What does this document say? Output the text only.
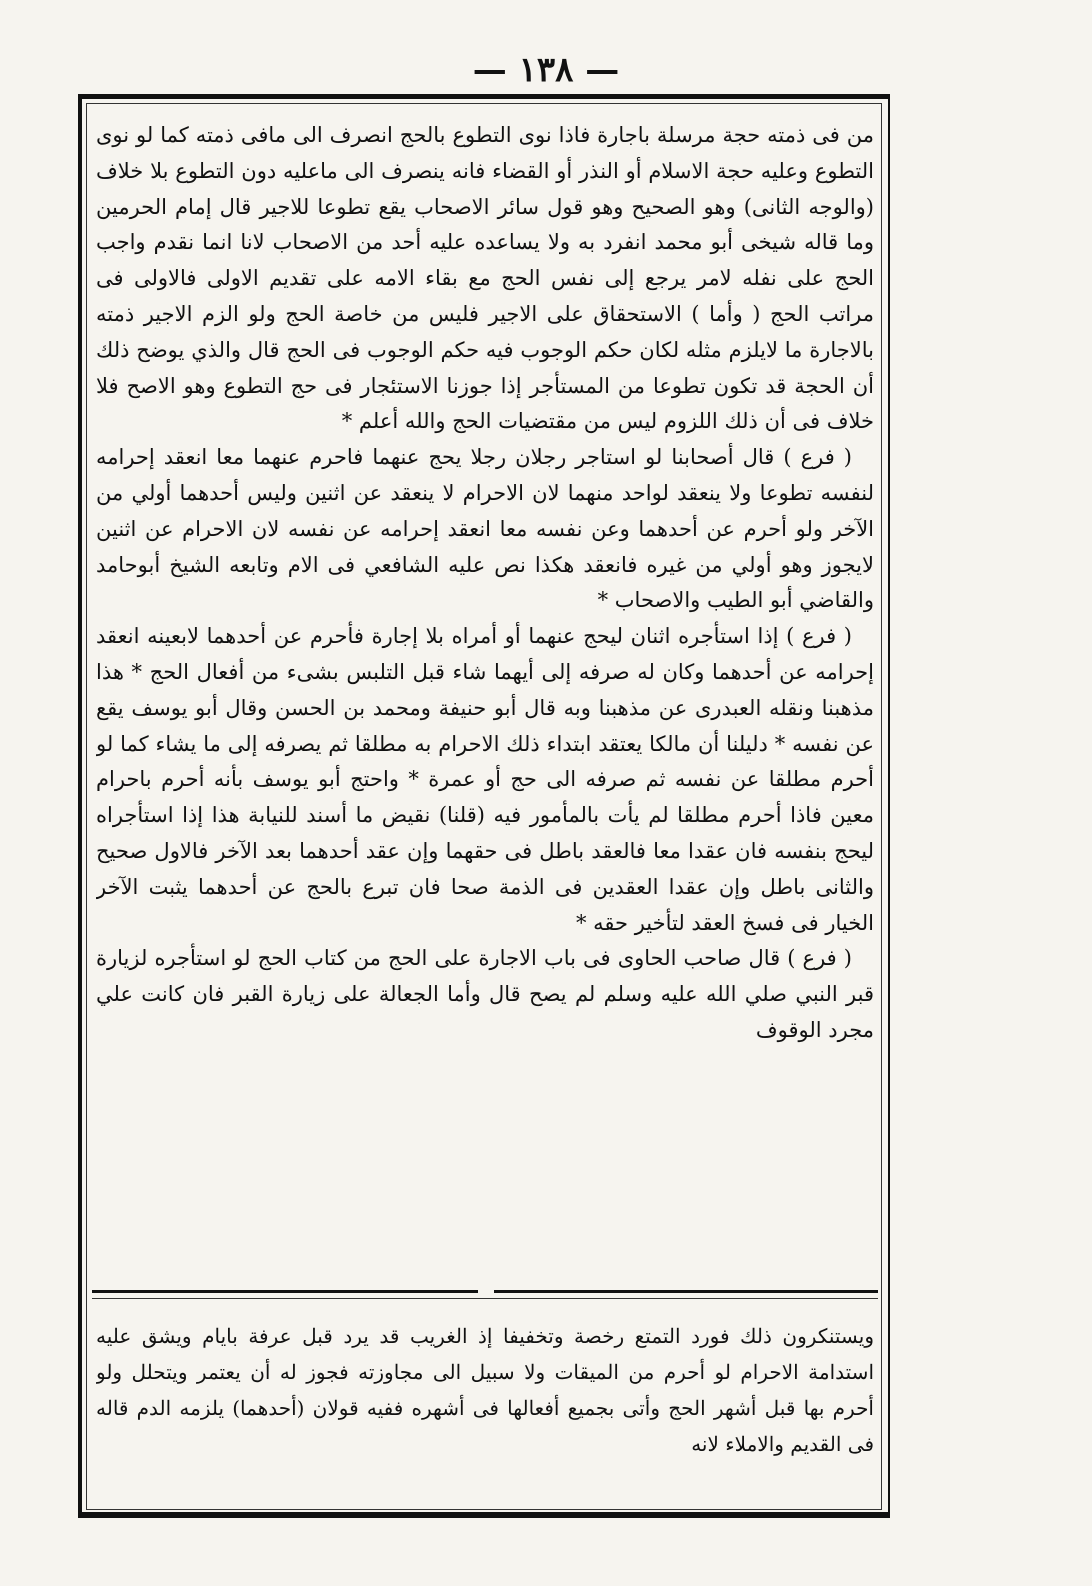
— ١٣٨ —

من فى ذمته حجة مرسلة باجارة فاذا نوى التطوع بالحج انصرف الى مافى ذمته كما لو نوى التطوع وعليه حجة الاسلام أو النذر أو القضاء فانه ينصرف الى ماعليه دون التطوع بلا خلاف (والوجه الثانى) وهو الصحيح وهو قول سائر الاصحاب يقع تطوعا للاجير قال إمام الحرمين وما قاله شيخى أبو محمد انفرد به ولا يساعده عليه أحد من الاصحاب لانا انما نقدم واجب الحج على نفله لامر يرجع إلى نفس الحج مع بقاء الامه على تقديم الاولى فالاولى فى مراتب الحج ( وأما ) الاستحقاق على الاجير فليس من خاصة الحج ولو الزم الاجير ذمته بالاجارة ما لايلزم مثله لكان حكم الوجوب فيه حكم الوجوب فى الحج قال والذي يوضح ذلك أن الحجة قد تكون تطوعا من المستأجر إذا جوزنا الاستئجار فى حج التطوع وهو الاصح فلا خلاف فى أن ذلك اللزوم ليس من مقتضيات الحج والله أعلم *

( فرع ) قال أصحابنا لو استاجر رجلان رجلا يحج عنهما فاحرم عنهما معا انعقد إحرامه لنفسه تطوعا ولا ينعقد لواحد منهما لان الاحرام لا ينعقد عن اثنين وليس أحدهما أولي من الآخر ولو أحرم عن أحدهما وعن نفسه معا انعقد إحرامه عن نفسه لان الاحرام عن اثنين لايجوز وهو أولي من غيره فانعقد هكذا نص عليه الشافعي فى الام وتابعه الشيخ أبوحامد والقاضي أبو الطيب والاصحاب *

( فرع ) إذا استأجره اثنان ليحج عنهما أو أمراه بلا إجارة فأحرم عن أحدهما لابعينه انعقد إحرامه عن أحدهما وكان له صرفه إلى أيهما شاء قبل التلبس بشىء من أفعال الحج * هذا مذهبنا ونقله العبدرى عن مذهبنا وبه قال أبو حنيفة ومحمد بن الحسن وقال أبو يوسف يقع عن نفسه * دليلنا أن مالكا يعتقد ابتداء ذلك الاحرام به مطلقا ثم يصرفه إلى ما يشاء كما لو أحرم مطلقا عن نفسه ثم صرفه الى حج أو عمرة * واحتج أبو يوسف بأنه أحرم باحرام معين فاذا أحرم مطلقا لم يأت بالمأمور فيه (قلنا) نقيض ما أسند للنيابة هذا إذا استأجراه ليحج بنفسه فان عقدا معا فالعقد باطل فى حقهما وإن عقد أحدهما بعد الآخر فالاول صحيح والثانى باطل وإن عقدا العقدين فى الذمة صحا فان تبرع بالحج عن أحدهما يثبت الآخر الخيار فى فسخ العقد لتأخير حقه *

( فرع ) قال صاحب الحاوى فى باب الاجارة على الحج من كتاب الحج لو استأجره لزيارة قبر النبي صلي الله عليه وسلم لم يصح قال وأما الجعالة على زيارة القبر فان كانت علي مجرد الوقوف

ويستنكرون ذلك فورد التمتع رخصة وتخفيفا إذ الغريب قد يرد قبل عرفة بايام ويشق عليه استدامة الاحرام لو أحرم من الميقات ولا سبيل الى مجاوزته فجوز له أن يعتمر ويتحلل ولو أحرم بها قبل أشهر الحج وأتى بجميع أفعالها فى أشهره ففيه قولان (أحدهما) يلزمه الدم قاله فى القديم والاملاء لانه
